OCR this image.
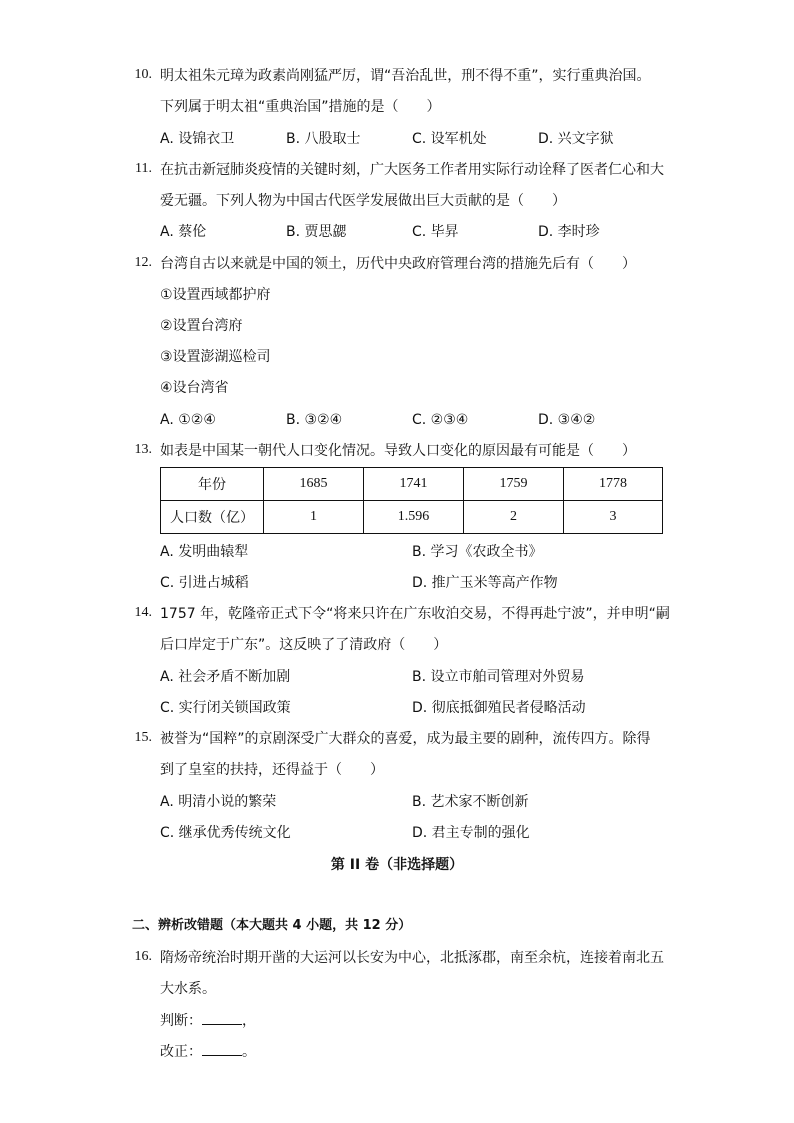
10. 明太祖朱元璋为政素尚刚猛严厉，谓“吾治乱世，刑不得不重”，实行重典治国。
下列属于明太祖“重典治国”措施的是（　　）
A. 设锦衣卫	B. 八股取士	C. 设军机处	D. 兴文字狱
11. 在抗击新冠肺炎疫情的关键时刻，广大医务工作者用实际行动诠释了医者仁心和大
爱无疆。下列人物为中国古代医学发展做出巨大贡献的是（　　）
A. 蔡伦	B. 贾思勰	C. 毕昇	D. 李时珍
12. 台湾自古以来就是中国的领土，历代中央政府管理台湾的措施先后有（　　）
①设置西域都护府
②设置台湾府
③设置澎湖巡检司
④设台湾省
A. ①②④	B. ③②④	C. ②③④	D. ③④②
13. 如表是中国某一朝代人口变化情况。导致人口变化的原因最有可能是（　　）
年份	1685	1741	1759	1778
人口数（亿）	1	1.596	2	3
A. 发明曲辕犁	B. 学习《农政全书》
C. 引进占城稻	D. 推广玉米等高产作物
14. 1757 年，乾隆帝正式下令“将来只许在广东收泊交易，不得再赴宁波”，并申明“嗣
后口岸定于广东”。这反映了了清政府（　　）
A. 社会矛盾不断加剧	B. 设立市舶司管理对外贸易
C. 实行闭关锁国政策	D. 彻底抵御殖民者侵略活动
15. 被誉为“国粹”的京剧深受广大群众的喜爱，成为最主要的剧种，流传四方。除得
到了皇室的扶持，还得益于（　　）
A. 明清小说的繁荣	B. 艺术家不断创新
C. 继承优秀传统文化	D. 君主专制的强化
第 II 卷（非选择题）
二、辨析改错题（本大题共 4 小题，共 12 分）
16. 隋炀帝统治时期开凿的大运河以长安为中心，北抵涿郡，南至余杭，连接着南北五
大水系。
判断：	，
改正：	。
